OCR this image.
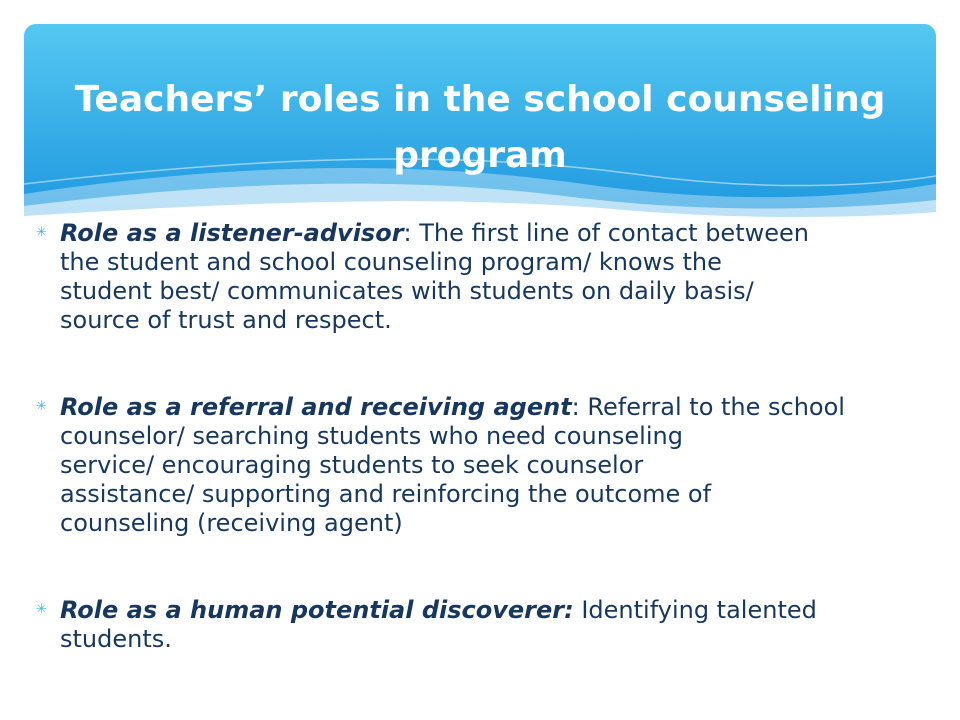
Teachers’ roles in the school counseling
program
✳ Role as a listener-advisor: The first line of contact between
the student and school counseling program/ knows the
student best/ communicates with students on daily basis/
source of trust and respect.
✳ Role as a referral and receiving agent: Referral to the school
counselor/ searching students who need counseling
service/ encouraging students to seek counselor
assistance/ supporting and reinforcing the outcome of
counseling (receiving agent)
✳ Role as a human potential discoverer: Identifying talented
students.
